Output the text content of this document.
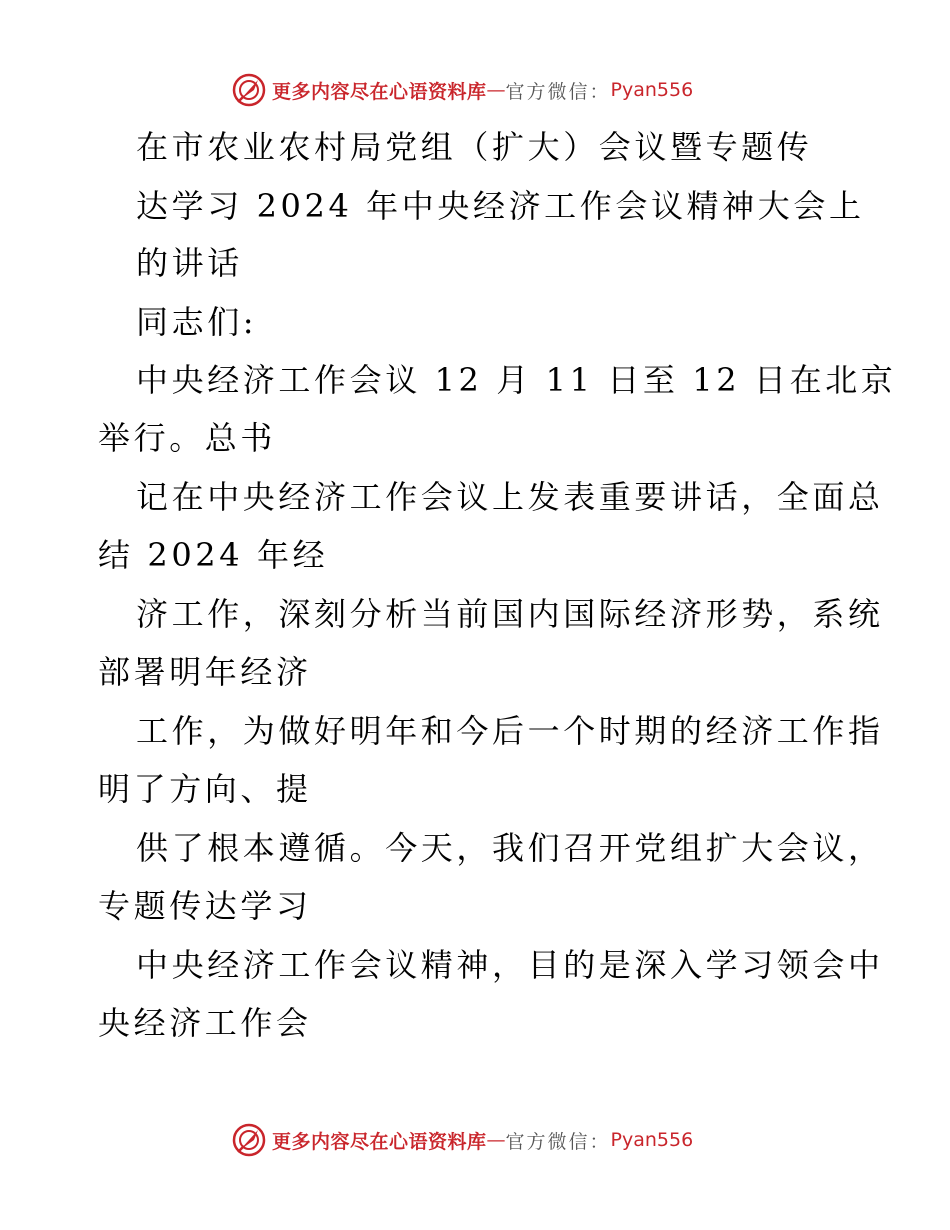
更多内容尽在心语资料库 — 官方微信： Pyan556
在市农业农村局党组（扩大）会议暨专题传
达学习 2024 年中央经济工作会议精神大会上
的讲话
同志们:
中央经济工作会议 12 月 11 日至 12 日在北京
举行。总书
记在中央经济工作会议上发表重要讲话，全面总
结 2024 年经
济工作，深刻分析当前国内国际经济形势，系统
部署明年经济
工作，为做好明年和今后一个时期的经济工作指
明了方向、提
供了根本遵循。今天，我们召开党组扩大会议，
专题传达学习
中央经济工作会议精神，目的是深入学习领会中
央经济工作会
更多内容尽在心语资料库 — 官方微信： Pyan556
